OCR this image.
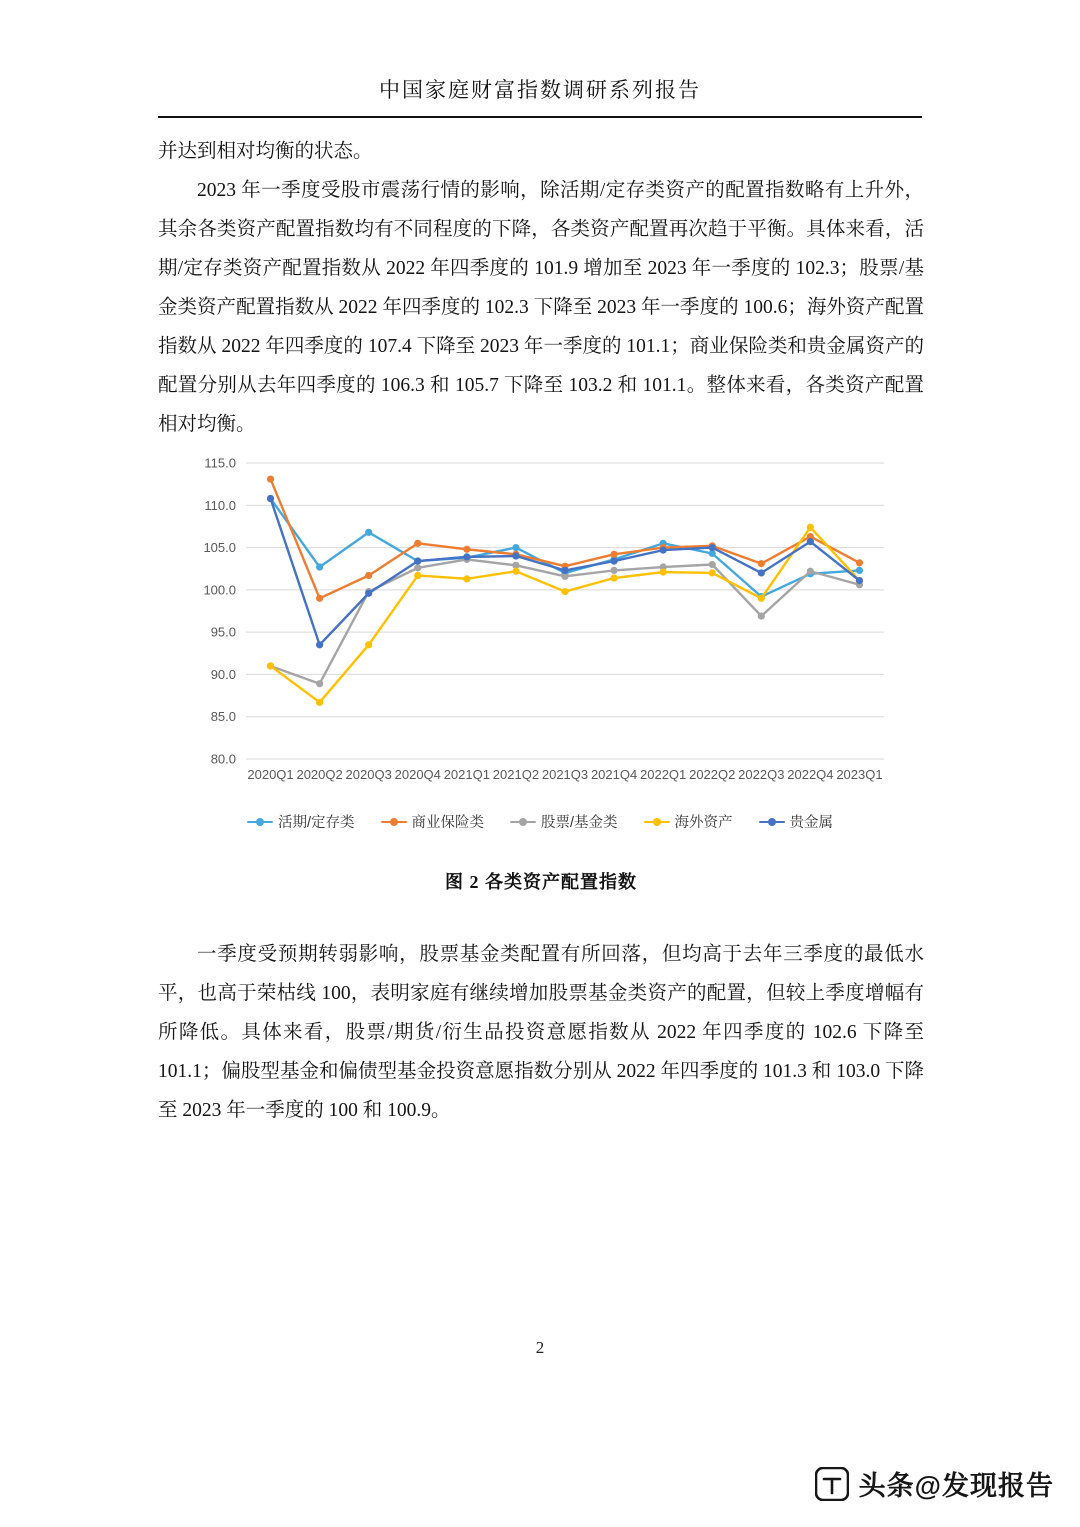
中国家庭财富指数调研系列报告

并达到相对均衡的状态。

2023 年一季度受股市震荡行情的影响，除活期/定存类资产的配置指数略有上升外，其余各类资产配置指数均有不同程度的下降，各类资产配置再次趋于平衡。具体来看，活期/定存类资产配置指数从 2022 年四季度的 101.9 增加至 2023 年一季度的 102.3；股票/基金类资产配置指数从 2022 年四季度的 102.3 下降至 2023 年一季度的 100.6；海外资产配置指数从 2022 年四季度的 107.4 下降至 2023 年一季度的 101.1；商业保险类和贵金属资产的配置分别从去年四季度的 106.3 和 105.7 下降至 103.2 和 101.1。整体来看，各类资产配置相对均衡。

80.0
85.0
90.0
95.0
100.0
105.0
110.0
115.0
2020Q1 2020Q2 2020Q3 2020Q4 2021Q1 2021Q2 2021Q3 2021Q4 2022Q1 2022Q2 2022Q3 2022Q4 2023Q1
活期/定存类	商业保险类	股票/基金类	海外资产	贵金属
图 2 各类资产配置指数

一季度受预期转弱影响，股票基金类配置有所回落，但均高于去年三季度的最低水平，也高于荣枯线 100，表明家庭有继续增加股票基金类资产的配置，但较上季度增幅有所降低。具体来看，股票/期货/衍生品投资意愿指数从 2022 年四季度的 102.6 下降至 101.1；偏股型基金和偏债型基金投资意愿指数分别从 2022 年四季度的 101.3 和 103.0 下降至 2023 年一季度的 100 和 100.9。

2
头条@发现报告
